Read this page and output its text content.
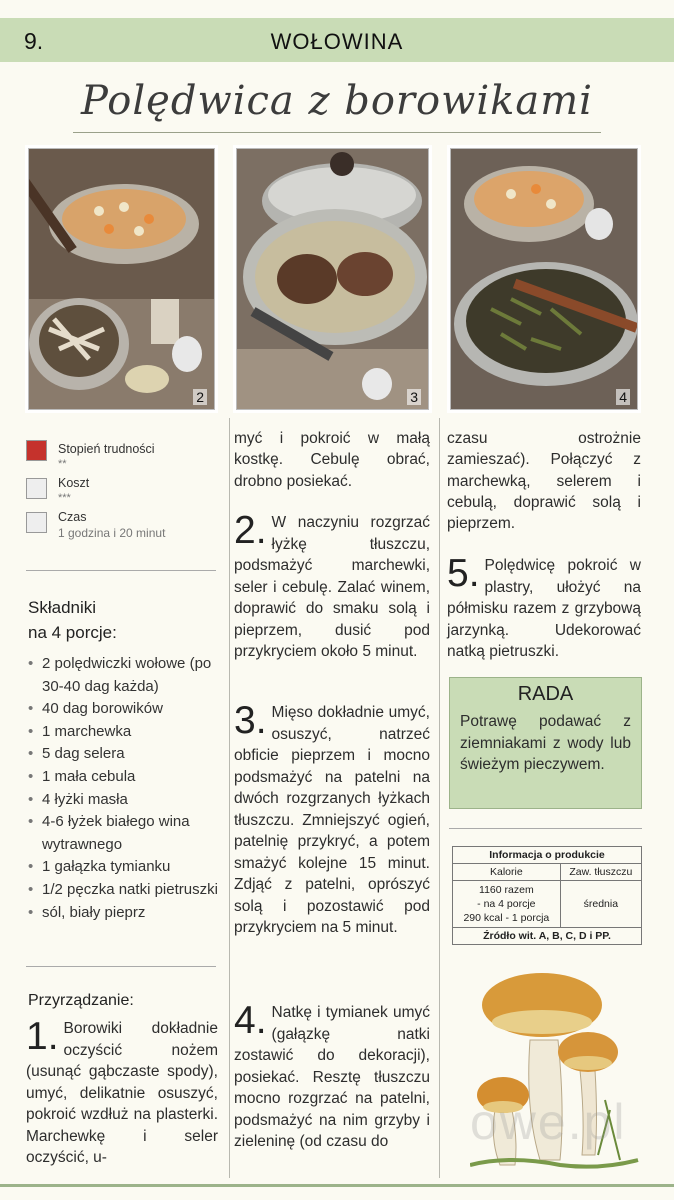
9.	WOŁOWINA
Polędwica z borowikami
2	3	4
Stopień trudności
**
Koszt
***
Czas
1 godzina i 20 minut
Składniki
na 4 porcje:
• 2 polędwiczki wołowe (po 30-40 dag każda)
• 40 dag borowików
• 1 marchewka
• 5 dag selera
• 1 mała cebula
• 4 łyżki masła
• 4-6 łyżek białego wina wytrawnego
• 1 gałązka tymianku
• 1/2 pęczka natki pietruszki
• sól, biały pieprz
Przyrządzanie:
1. Borowiki dokładnie oczyścić nożem (usunąć gąbczaste spody), umyć, delikatnie osuszyć, pokroić wzdłuż na plasterki. Marchewkę i seler oczyścić, u-
myć i pokroić w małą kostkę. Cebulę obrać, drobno posiekać.
2. W naczyniu rozgrzać łyżkę tłuszczu, podsmażyć marchewki, seler i cebulę. Zalać winem, doprawić do smaku solą i pieprzem, dusić pod przykryciem około 5 minut.
3. Mięso dokładnie umyć, osuszyć, natrzeć obficie pieprzem i mocno podsmażyć na patelni na dwóch rozgrzanych łyżkach tłuszczu. Zmniejszyć ogień, patelnię przykryć, a potem smażyć kolejne 15 minut. Zdjąć z patelni, oprószyć solą i pozostawić pod przykryciem na 5 minut.
4. Natkę i tymianek umyć (gałązkę natki zostawić do dekoracji), posiekać. Resztę tłuszczu mocno rozgrzać na patelni, podsmażyć na nim grzyby i zieleninę (od czasu do
czasu ostrożnie zamieszać). Połączyć z marchewką, selerem i cebulą, doprawić solą i pieprzem.
5. Polędwicę pokroić w plastry, ułożyć na półmisku razem z grzybową jarzynką. Udekorować natką pietruszki.
RADA
Potrawę podawać z ziemniakami z wody lub świeżym pieczywem.
Informacja o produkcie	
Kalorie	Zaw. tłuszczu

1160 razem
- na 4 porcje
290 kcal - 1 porcja	średnia
Źródło wit. A, B, C, D i PP.	
owe.pl
